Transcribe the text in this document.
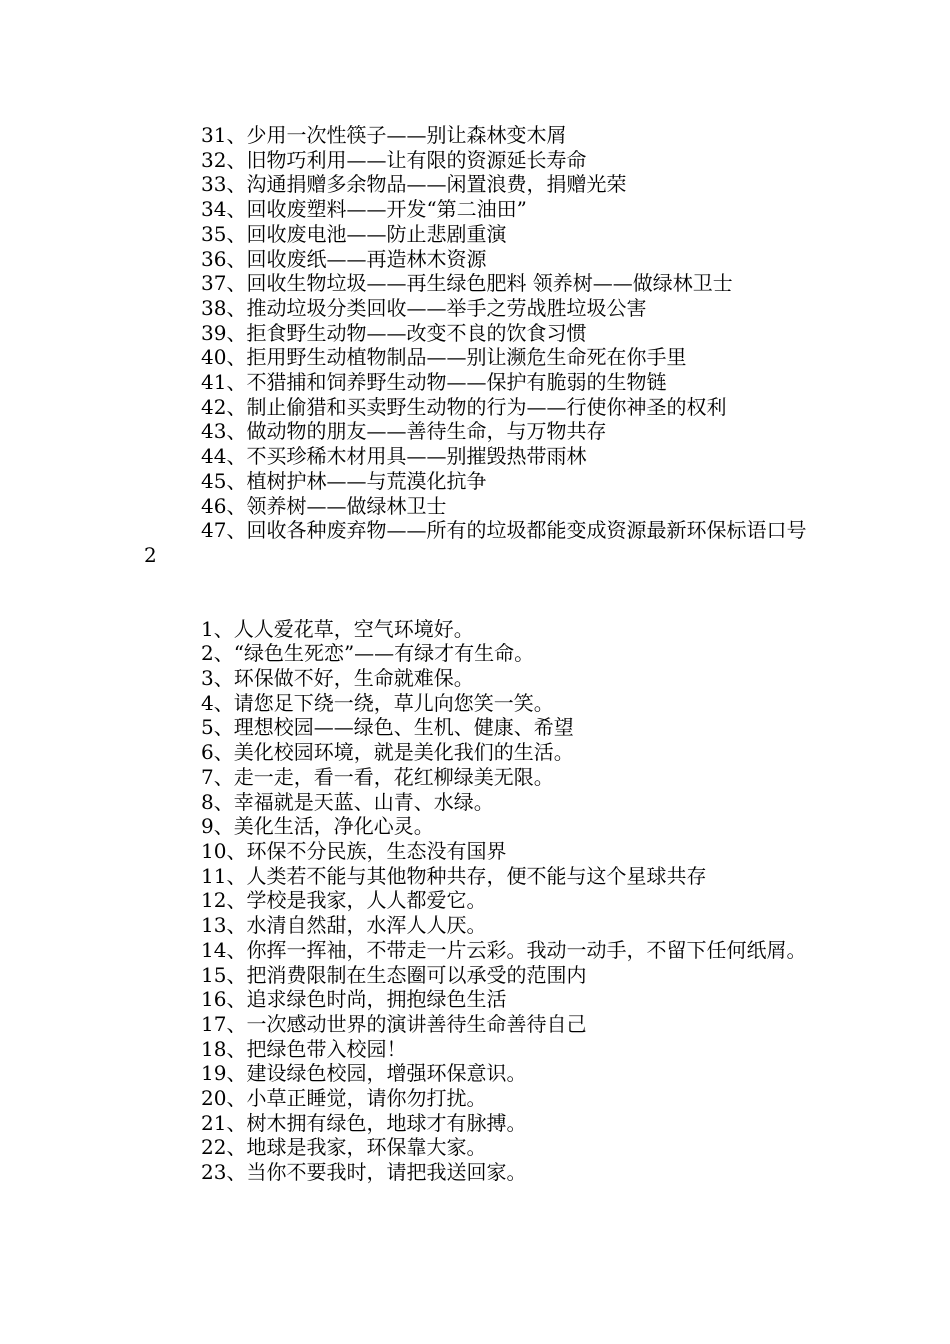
31、少用一次性筷子——别让森林变木屑

32、旧物巧利用——让有限的资源延长寿命

33、沟通捐赠多余物品——闲置浪费，捐赠光荣

34、回收废塑料——开发“第二油田”

35、回收废电池——防止悲剧重演

36、回收废纸——再造林木资源

37、回收生物垃圾——再生绿色肥料 领养树——做绿林卫士

38、推动垃圾分类回收——举手之劳战胜垃圾公害

39、拒食野生动物——改变不良的饮食习惯

40、拒用野生动植物制品——别让濒危生命死在你手里

41、不猎捕和饲养野生动物——保护有脆弱的生物链

42、制止偷猎和买卖野生动物的行为——行使你神圣的权利

43、做动物的朋友——善待生命，与万物共存

44、不买珍稀木材用具——别摧毁热带雨林

45、植树护林——与荒漠化抗争

46、领养树——做绿林卫士

47、回收各种废弃物——所有的垃圾都能变成资源最新环保标语口号2

1、人人爱花草，空气环境好。

2、“绿色生死恋”——有绿才有生命。

3、环保做不好，生命就难保。

4、请您足下绕一绕，草儿向您笑一笑。

5、理想校园——绿色、生机、健康、希望

6、美化校园环境，就是美化我们的生活。

7、走一走，看一看，花红柳绿美无限。

8、幸福就是天蓝、山青、水绿。

9、美化生活，净化心灵。

10、环保不分民族，生态没有国界

11、人类若不能与其他物种共存，便不能与这个星球共存

12、学校是我家，人人都爱它。

13、水清自然甜，水浑人人厌。

14、你挥一挥袖，不带走一片云彩。我动一动手，不留下任何纸屑。

15、把消费限制在生态圈可以承受的范围内

16、追求绿色时尚，拥抱绿色生活

17、一次感动世界的演讲善待生命善待自己

18、把绿色带入校园！

19、建设绿色校园，增强环保意识。

20、小草正睡觉，请你勿打扰。

21、树木拥有绿色，地球才有脉搏。

22、地球是我家，环保靠大家。

23、当你不要我时，请把我送回家。
